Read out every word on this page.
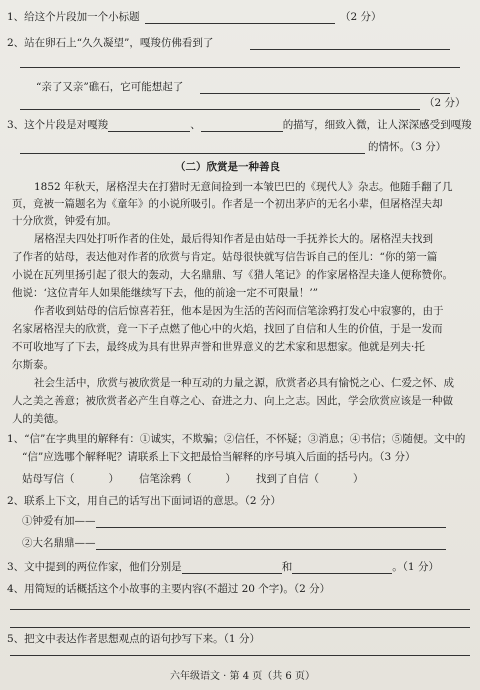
1、给这个片段加一个小标题	（2 分）
2、站在卵石上“久久凝望”，嘎羧仿佛看到了
“亲了又亲”礁石，它可能想起了
（2 分）
3、这个片段是对嘎羧	、	的描写，细致入微，让人深深感受到嘎羧
的情怀。（3 分）
（二）欣赏是一种善良
1852 年秋天，屠格涅夫在打猎时无意间捡到一本皱巴巴的《现代人》杂志。他随手翻了几
页，竟被一篇题名为《童年》的小说所吸引。作者是一个初出茅庐的无名小辈，但屠格涅夫却
十分欣赏，钟爱有加。
屠格涅夫四处打听作者的住处，最后得知作者是由姑母一手抚养长大的。屠格涅夫找到
了作者的姑母，表达他对作者的欣赏与肯定。姑母很快就写信告诉自己的侄儿：“你的第一篇
小说在瓦列里扬引起了很大的轰动，大名鼎鼎、写《猎人笔记》的作家屠格涅夫逢人便称赞你。
他说：‘这位青年人如果能继续写下去，他的前途一定不可限量！’”
作者收到姑母的信后惊喜若狂，他本是因为生活的苦闷而信笔涂鸦打发心中寂寥的，由于
名家屠格涅夫的欣赏，竟一下子点燃了他心中的火焰，找回了自信和人生的价值，于是一发而
不可收地写了下去，最终成为具有世界声誉和世界意义的艺术家和思想家。他就是列夫·托
尔斯泰。
社会生活中，欣赏与被欣赏是一种互动的力量之源，欣赏者必具有愉悦之心、仁爱之怀、成
人之美之善意；被欣赏者必产生自尊之心、奋进之力、向上之志。因此，学会欣赏应该是一种做
人的美德。
1、“信”在字典里的解释有：①诚实，不欺骗；②信任，不怀疑；③消息；④书信；⑤随便。文中的
“信”应选哪个解释呢？请联系上下文把最恰当解释的序号填入后面的括号内。（3 分）
姑母写信（	） 信笔涂鸦（	） 找到了自信（	）
2、联系上下文，用自己的话写出下面词语的意思。（2 分）
①钟爱有加——
②大名鼎鼎——
3、文中提到的两位作家，他们分别是	和	。（1 分）
4、用简短的话概括这个小故事的主要内容(不超过 20 个字)。（2 分）
5、把文中表达作者思想观点的语句抄写下来。（1 分）
六年级语文 · 第 4 页（共 6 页）
